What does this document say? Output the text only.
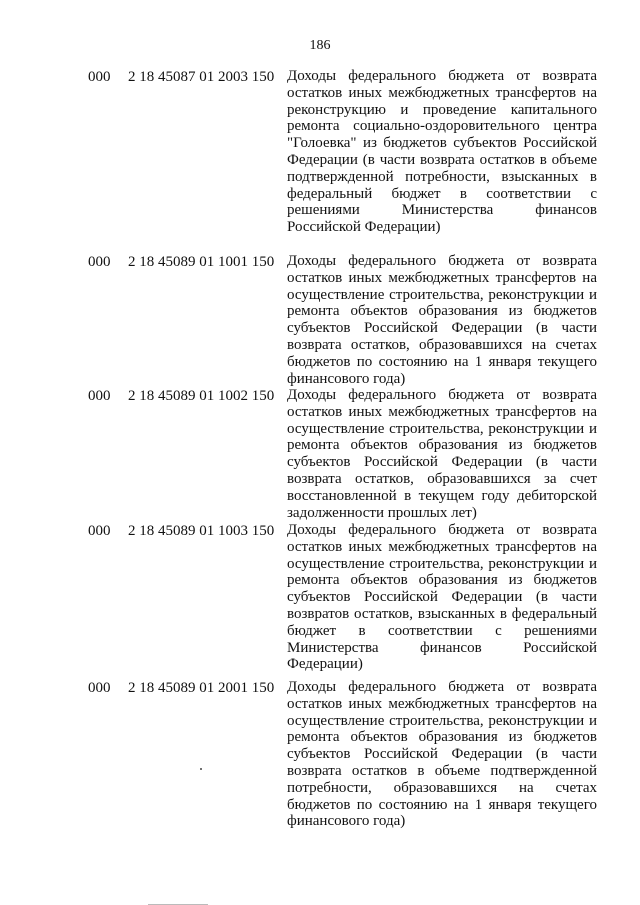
186
000 2 18 45087 01 2003 150 Доходы федерального бюджета от возврата остатков иных межбюджетных трансфертов на реконструкцию и проведение капитального ремонта социально-оздоровительного центра "Голоевка" из бюджетов субъектов Российской Федерации (в части возврата остатков в объеме подтвержденной потребности, взысканных в федеральный бюджет в соответствии с решениями Министерства финансов Российской Федерации)
000 2 18 45089 01 1001 150 Доходы федерального бюджета от возврата остатков иных межбюджетных трансфертов на осуществление строительства, реконструкции и ремонта объектов образования из бюджетов субъектов Российской Федерации (в части возврата остатков, образовавшихся на счетах бюджетов по состоянию на 1 января текущего финансового года)
000 2 18 45089 01 1002 150 Доходы федерального бюджета от возврата остатков иных межбюджетных трансфертов на осуществление строительства, реконструкции и ремонта объектов образования из бюджетов субъектов Российской Федерации (в части возврата остатков, образовавшихся за счет восстановленной в текущем году дебиторской задолженности прошлых лет)
000 2 18 45089 01 1003 150 Доходы федерального бюджета от возврата остатков иных межбюджетных трансфертов на осуществление строительства, реконструкции и ремонта объектов образования из бюджетов субъектов Российской Федерации (в части возвратов остатков, взысканных в федеральный бюджет в соответствии с решениями Министерства финансов Российской Федерации)
000 2 18 45089 01 2001 150 Доходы федерального бюджета от возврата остатков иных межбюджетных трансфертов на осуществление строительства, реконструкции и ремонта объектов образования из бюджетов субъектов Российской Федерации (в части возврата остатков в объеме подтвержденной потребности, образовавшихся на счетах бюджетов по состоянию на 1 января текущего финансового года)
